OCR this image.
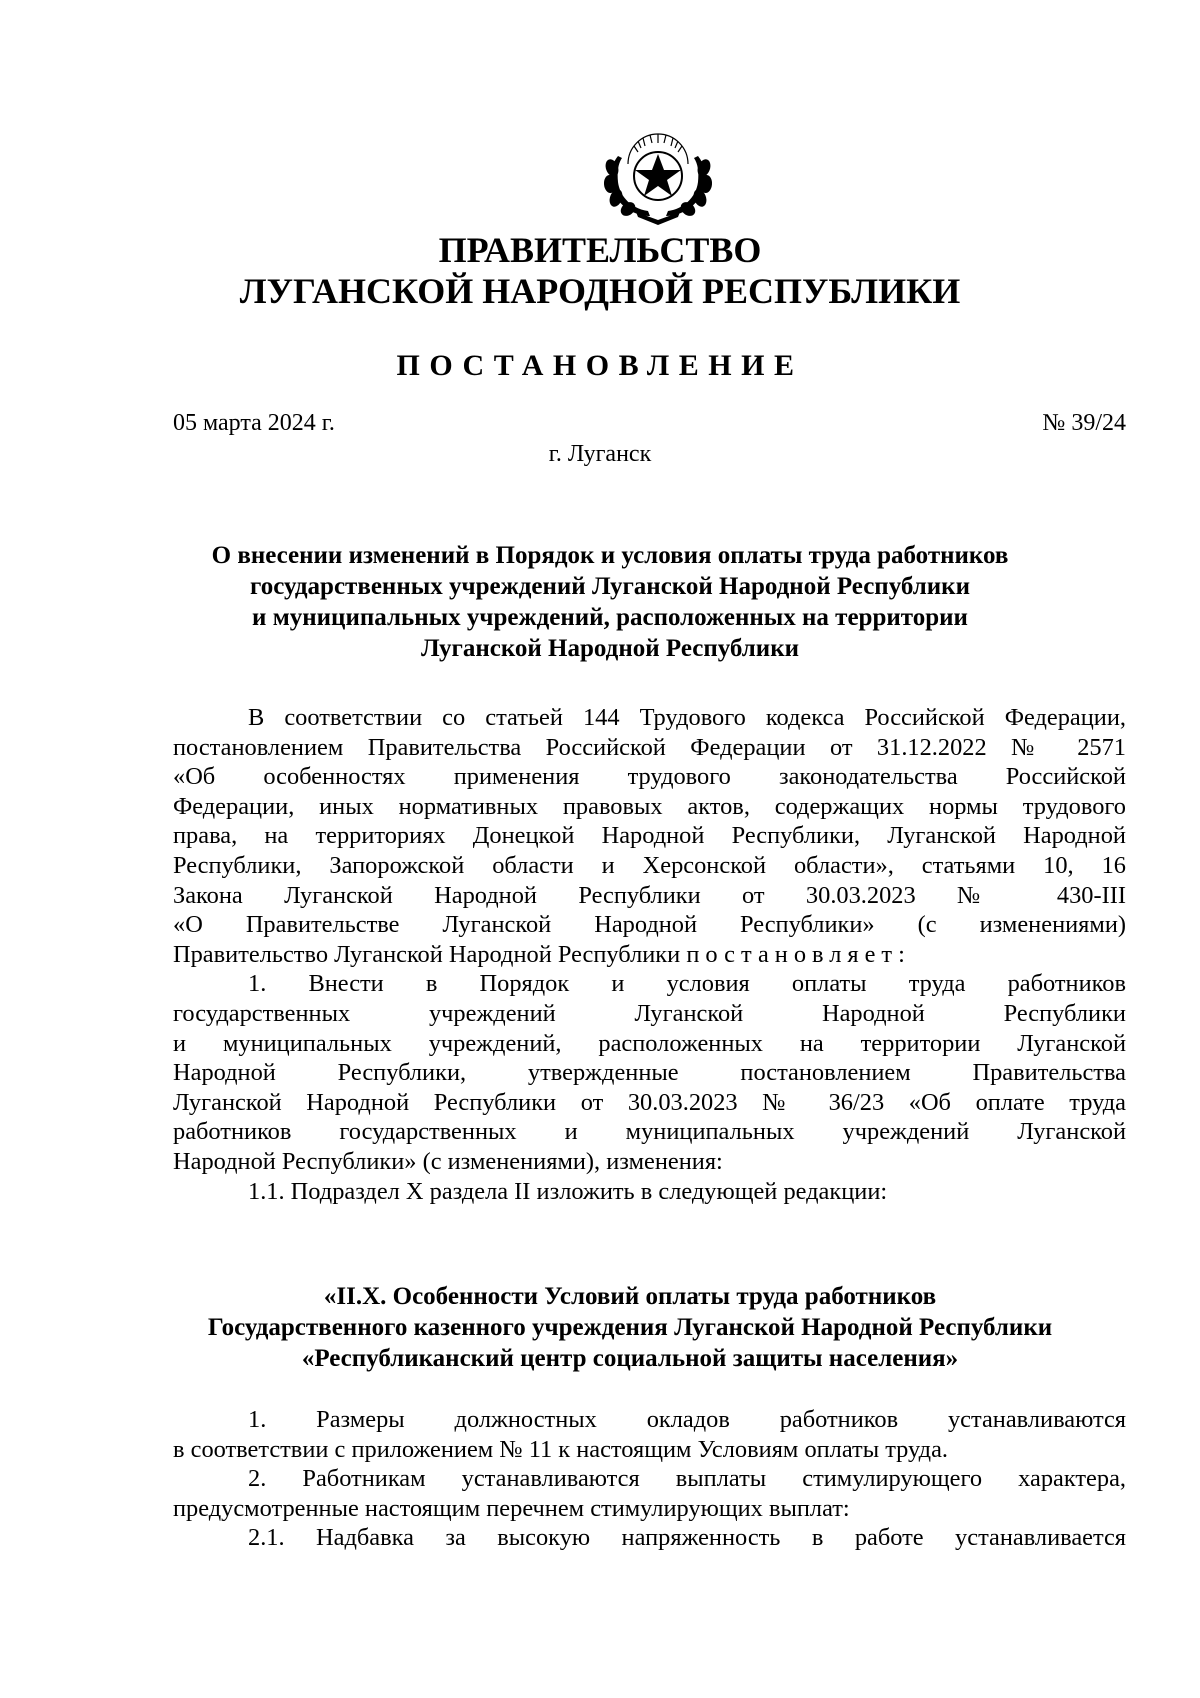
ПРАВИТЕЛЬСТВО
ЛУГАНСКОЙ НАРОДНОЙ РЕСПУБЛИКИ
ПОСТАНОВЛЕНИЕ
05 марта 2024 г.	№ 39/24
г. Луганск
О внесении изменений в Порядок и условия оплаты труда работников
государственных учреждений Луганской Народной Республики
и муниципальных учреждений, расположенных на территории
Луганской Народной Республики
В соответствии со статьей 144 Трудового кодекса Российской Федерации,
постановлением Правительства Российской Федерации от 31.12.2022 № 2571
«Об особенностях применения трудового законодательства Российской
Федерации, иных нормативных правовых актов, содержащих нормы трудового
права, на территориях Донецкой Народной Республики, Луганской Народной
Республики, Запорожской области и Херсонской области», статьями 10, 16
Закона Луганской Народной Республики от 30.03.2023 № 430-III
«О Правительстве Луганской Народной Республики» (с изменениями)
Правительство Луганской Народной Республики постановляет:
1. Внести в Порядок и условия оплаты труда работников
государственных учреждений Луганской Народной Республики
и муниципальных учреждений, расположенных на территории Луганской
Народной Республики, утвержденные постановлением Правительства
Луганской Народной Республики от 30.03.2023 № 36/23 «Об оплате труда
работников государственных и муниципальных учреждений Луганской
Народной Республики» (с изменениями), изменения:
1.1. Подраздел X раздела II изложить в следующей редакции:
«II.X. Особенности Условий оплаты труда работников
Государственного казенного учреждения Луганской Народной Республики
«Республиканский центр социальной защиты населения»
1. Размеры должностных окладов работников устанавливаются
в соответствии с приложением № 11 к настоящим Условиям оплаты труда.
2. Работникам устанавливаются выплаты стимулирующего характера,
предусмотренные настоящим перечнем стимулирующих выплат:
2.1. Надбавка за высокую напряженность в работе устанавливается
